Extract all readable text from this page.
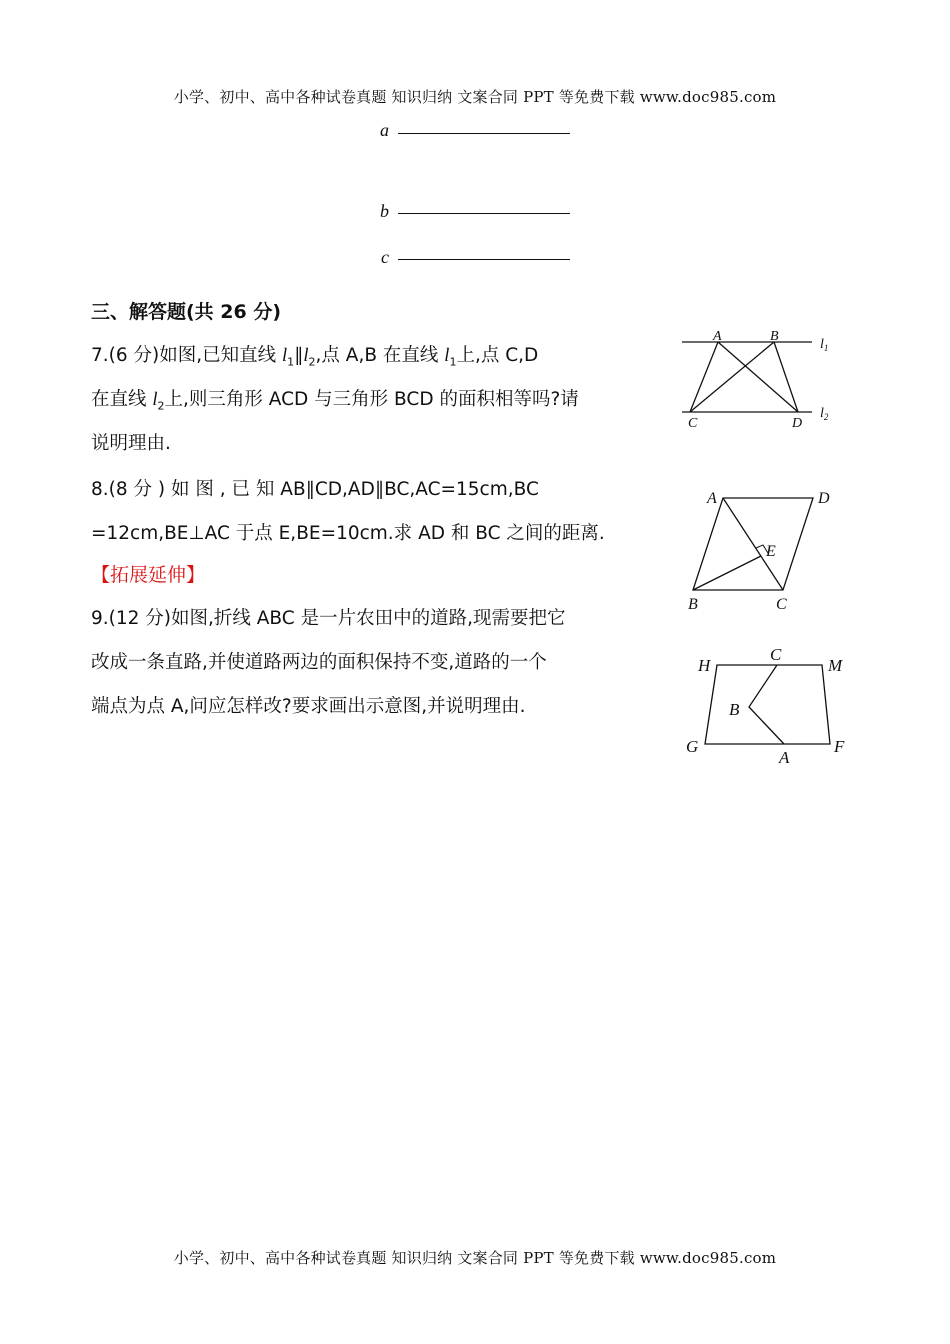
小学、初中、高中各种试卷真题 知识归纳 文案合同 PPT 等免费下载 www.doc985.com
a
b
c
三、解答题(共 26 分)
7.(6 分)如图,已知直线 $l_1\parallel l_2$,点 A,B 在直线 $l_1$上,点 C,D
在直线 $l_2$上,则三角形 ACD 与三角形 BCD 的面积相等吗?请
说明理由.
8.(8 分 ) 如 图 , 已 知 AB∥CD,AD∥BC,AC=15cm,BC
=12cm,BE⊥AC 于点 E,BE=10cm.求 AD 和 BC 之间的距离.
【拓展延伸】
9.(12 分)如图,折线 ABC 是一片农田中的道路,现需要把它
改成一条直路,并使道路两边的面积保持不变,道路的一个
端点为点 A,问应怎样改?要求画出示意图,并说明理由.
A	B
C	D
$l_1$
$l_2$
A	D
E
B	C
H
C
M
B
G
A
F
小学、初中、高中各种试卷真题 知识归纳 文案合同 PPT 等免费下载 www.doc985.com
